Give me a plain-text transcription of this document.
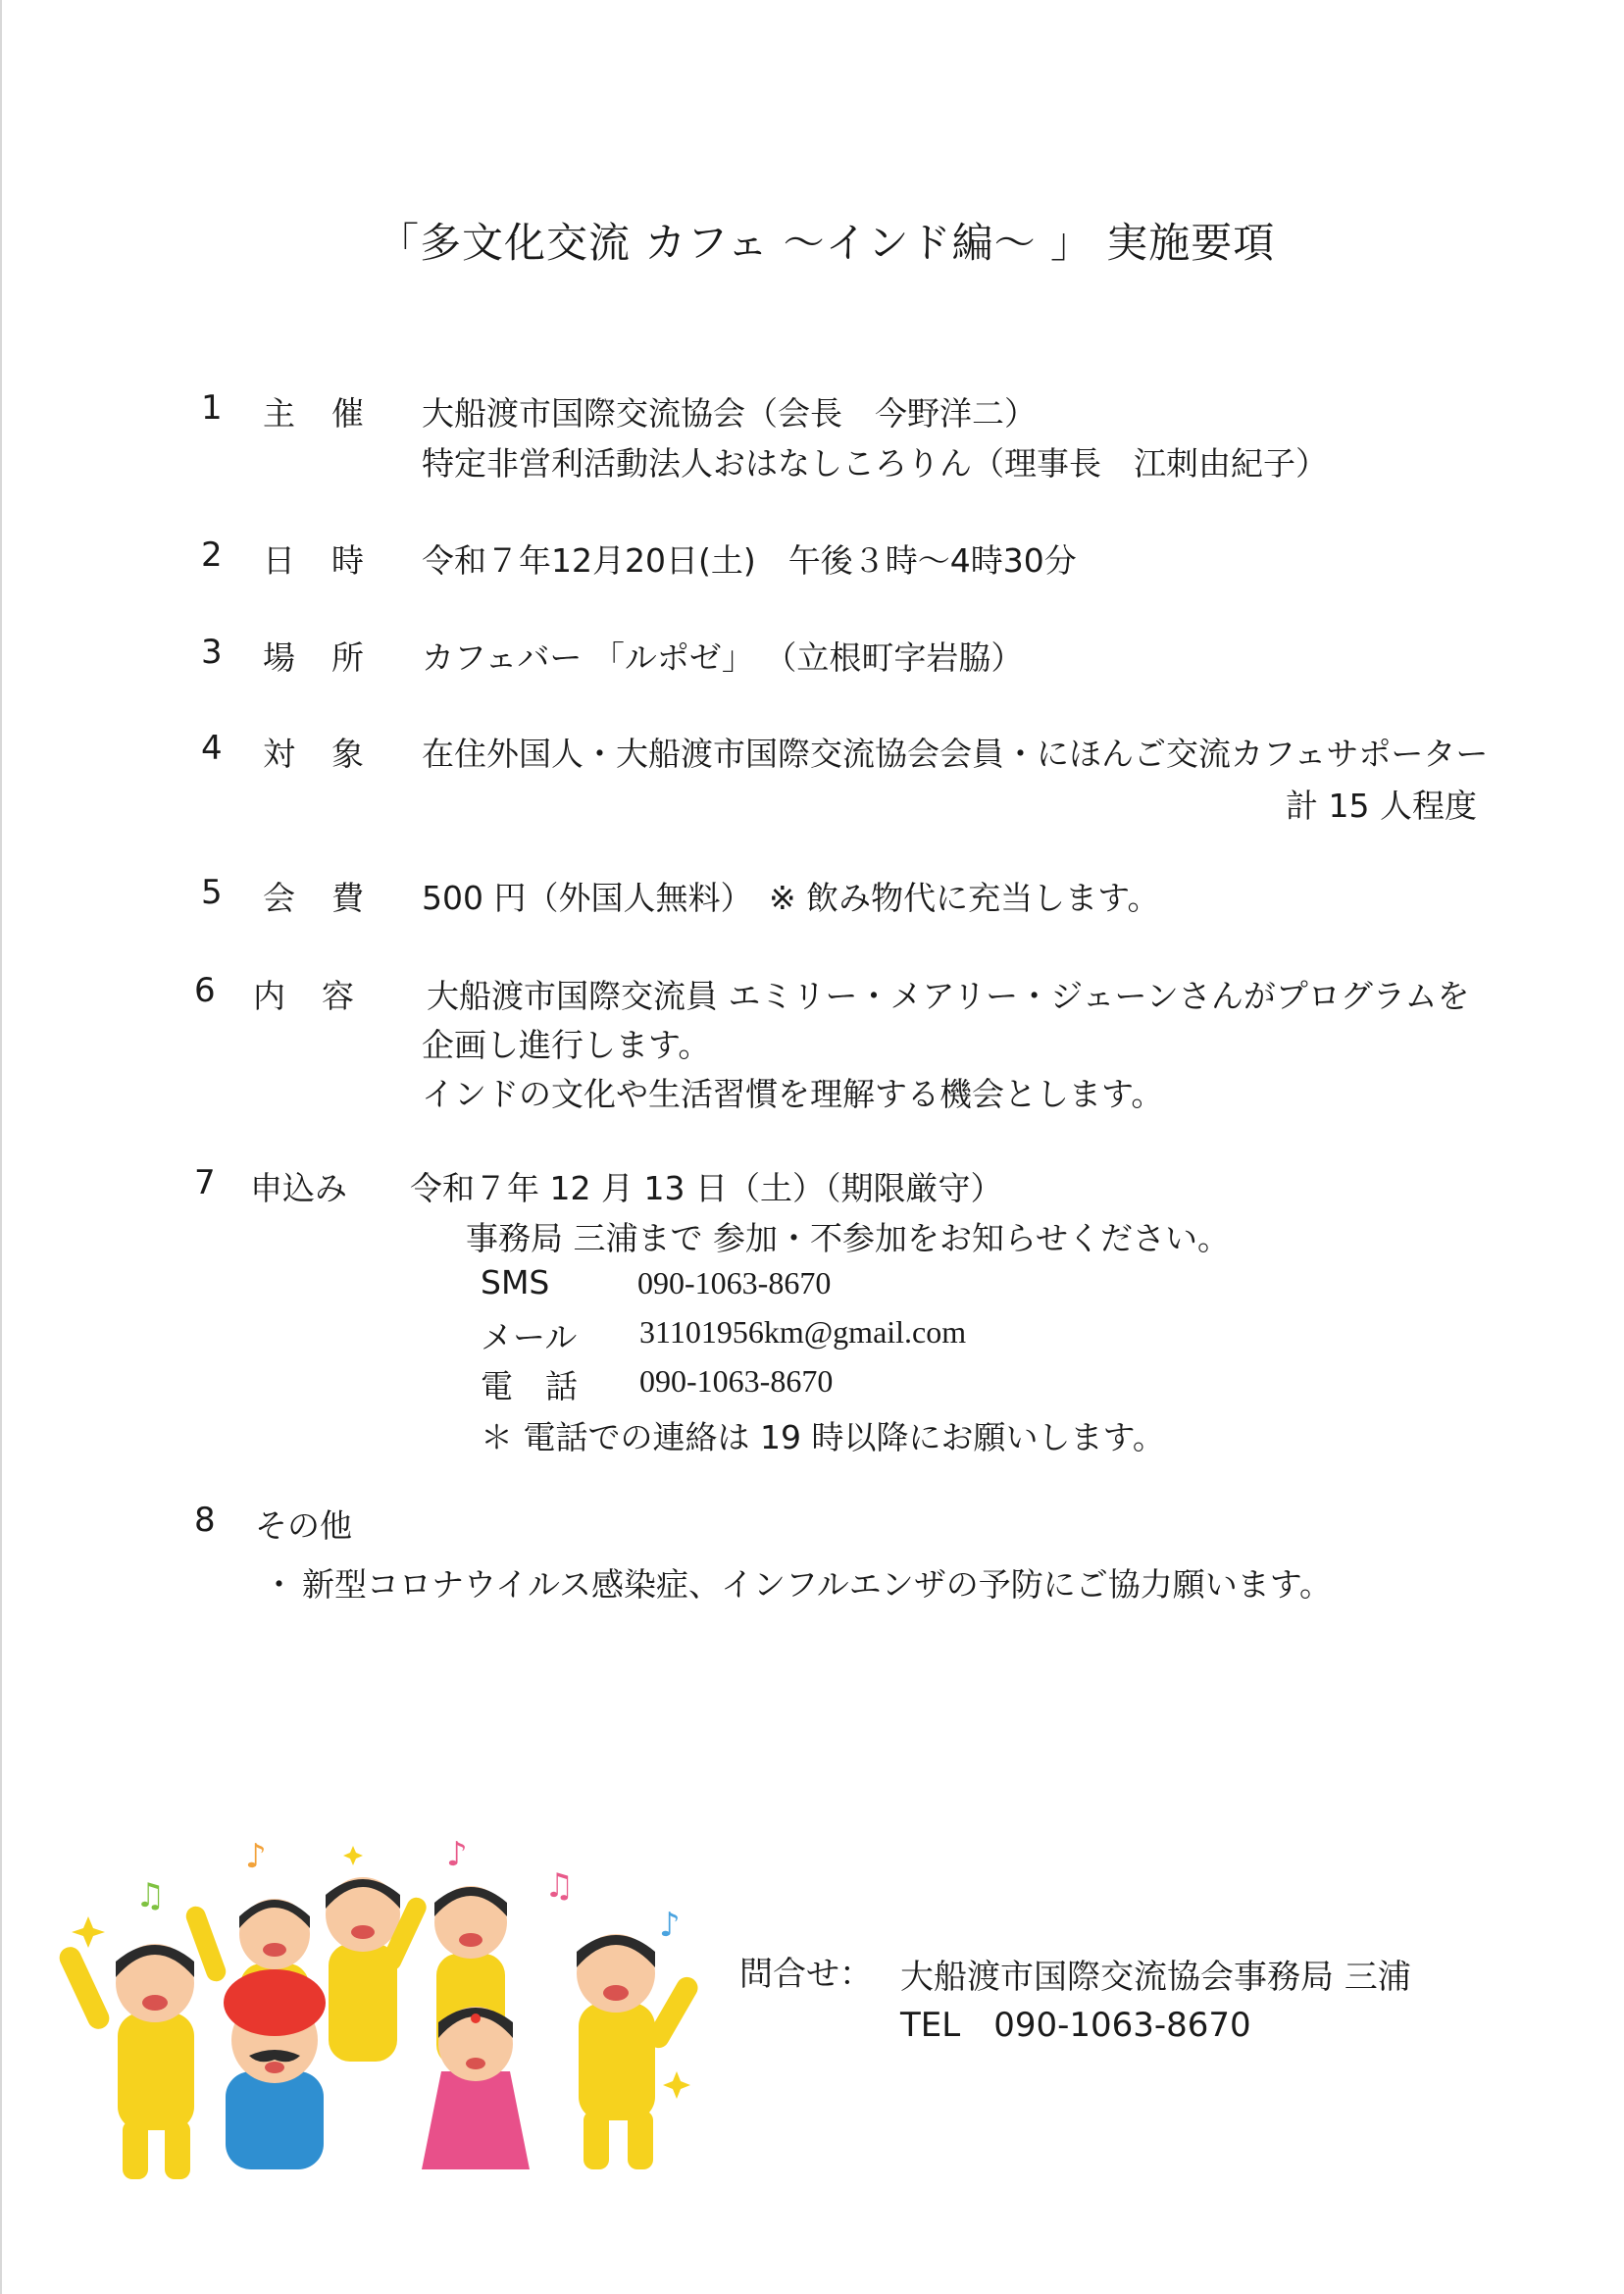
「多文化交流 カフェ ～インド編～ 」 実施要項
1 主　催 大船渡市国際交流協会（会長　今野洋二）
特定非営利活動法人おはなしころりん（理事長　江刺由紀子）
2 日　時 令和７年12月20日(土)　午後３時～4時30分
3 場　所 カフェバー 「ルポゼ」 （立根町字岩脇）
4 対　象 在住外国人・大船渡市国際交流協会会員・にほんご交流カフェサポーター
計 15 人程度
5 会　費 500 円（外国人無料）　※ 飲み物代に充当します。
6 内　容 大船渡市国際交流員 エミリー・メアリー・ジェーンさんがプログラムを
企画し進行します。
インドの文化や生活習慣を理解する機会とします。
7 申込み 令和７年 12 月 13 日（土）（期限厳守）
事務局 三浦まで 参加・不参加をお知らせください。
SMS	090-1063-8670
メール 31101956km@gmail.com
電　話 090-1063-8670
＊ 電話での連絡は 19 時以降にお願いします。
8 その他
・ 新型コロナウイルス感染症、インフルエンザの予防にご協力願います。
♫
♪	♪
♫
♪
問合せ： 大船渡市国際交流協会事務局 三浦
TEL　090-1063-8670
